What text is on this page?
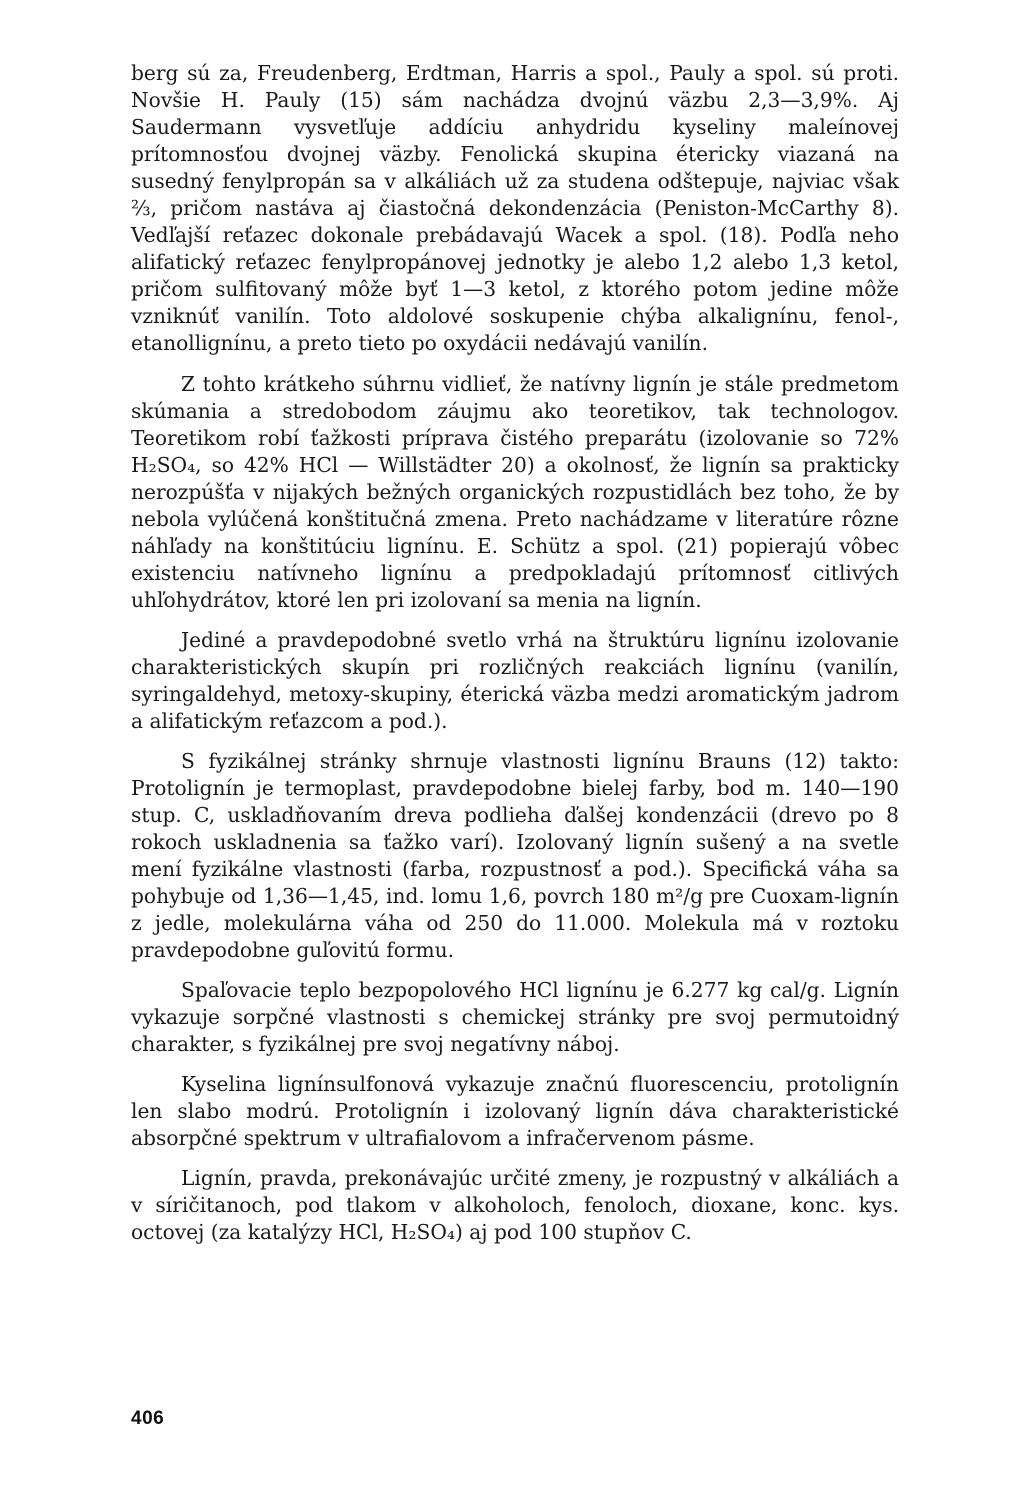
berg sú za, Freudenberg, Erdtman, Harris a spol., Pauly a spol. sú proti. Novšie H. Pauly (15) sám nachádza dvojnú väzbu 2,3—3,9%. Aj Saudermann vysvetľuje addíciu anhydridu kyseliny maleínovej prítomnosťou dvojnej väzby. Fenolická skupina étericky viazaná na susedný fenylpropán sa v alkáliách už za studena odštepuje, najviac však ⅔, pričom nastáva aj čiastočná dekondenzácia (Peniston-McCarthy 8). Vedľajší reťazec dokonale prebádavajú Wacek a spol. (18). Podľa neho alifatický reťazec fenylpropánovej jednotky je alebo 1,2 alebo 1,3 ketol, pričom sulfitovaný môže byť 1—3 ketol, z ktorého potom jedine môže vzniknúť vanilín. Toto aldolové soskupenie chýba alkalignínu, fenol-, etanollignínu, a preto tieto po oxydácii nedávajú vanilín.

Z tohto krátkeho súhrnu vidlieť, že natívny lignín je stále predmetom skúmania a stredobodom záujmu ako teoretikov, tak technologov. Teoretikom robí ťažkosti príprava čistého preparátu (izolovanie so 72% H₂SO₄, so 42% HCl — Willstädter 20) a okolnosť, že lignín sa prakticky nerozpúšťa v nijakých bežných organických rozpustidlách bez toho, že by nebola vylúčená konštitučná zmena. Preto nachádzame v literatúre rôzne náhľady na konštitúciu lignínu. E. Schütz a spol. (21) popierajú vôbec existenciu natívneho lignínu a predpokladajú prítomnosť citlivých uhľohydrátov, ktoré len pri izolovaní sa menia na lignín.

Jediné a pravdepodobné svetlo vrhá na štruktúru lignínu izolovanie charakteristických skupín pri rozličných reakciách lignínu (vanilín, syringaldehyd, metoxy-skupiny, éterická väzba medzi aromatickým jadrom a alifatickým reťazcom a pod.).

S fyzikálnej stránky shrnuje vlastnosti lignínu Brauns (12) takto: Protolignín je termoplast, pravdepodobne bielej farby, bod m. 140—190 stup. C, uskladňovaním dreva podlieha ďalšej kondenzácii (drevo po 8 rokoch uskladnenia sa ťažko varí). Izolovaný lignín sušený a na svetle mení fyzikálne vlastnosti (farba, rozpustnosť a pod.). Specifická váha sa pohybuje od 1,36—1,45, ind. lomu 1,6, povrch 180 m²/g pre Cuoxam-lignín z jedle, molekulárna váha od 250 do 11.000. Molekula má v roztoku pravdepodobne guľovitú formu.

Spaľovacie teplo bezpopolového HCl lignínu je 6.277 kg cal/g. Lignín vykazuje sorpčné vlastnosti s chemickej stránky pre svoj permutoidný charakter, s fyzikálnej pre svoj negatívny náboj.

Kyselina lignínsulfonová vykazuje značnú fluorescenciu, protolignín len slabo modrú. Protolignín i izolovaný lignín dáva charakteristické absorpčné spektrum v ultrafialovom a infračervenom pásme.

Lignín, pravda, prekonávajúc určité zmeny, je rozpustný v alkáliách a v síričitanoch, pod tlakom v alkoholoch, fenoloch, dioxane, konc. kys. octovej (za katalýzy HCl, H₂SO₄) aj pod 100 stupňov C.

406
